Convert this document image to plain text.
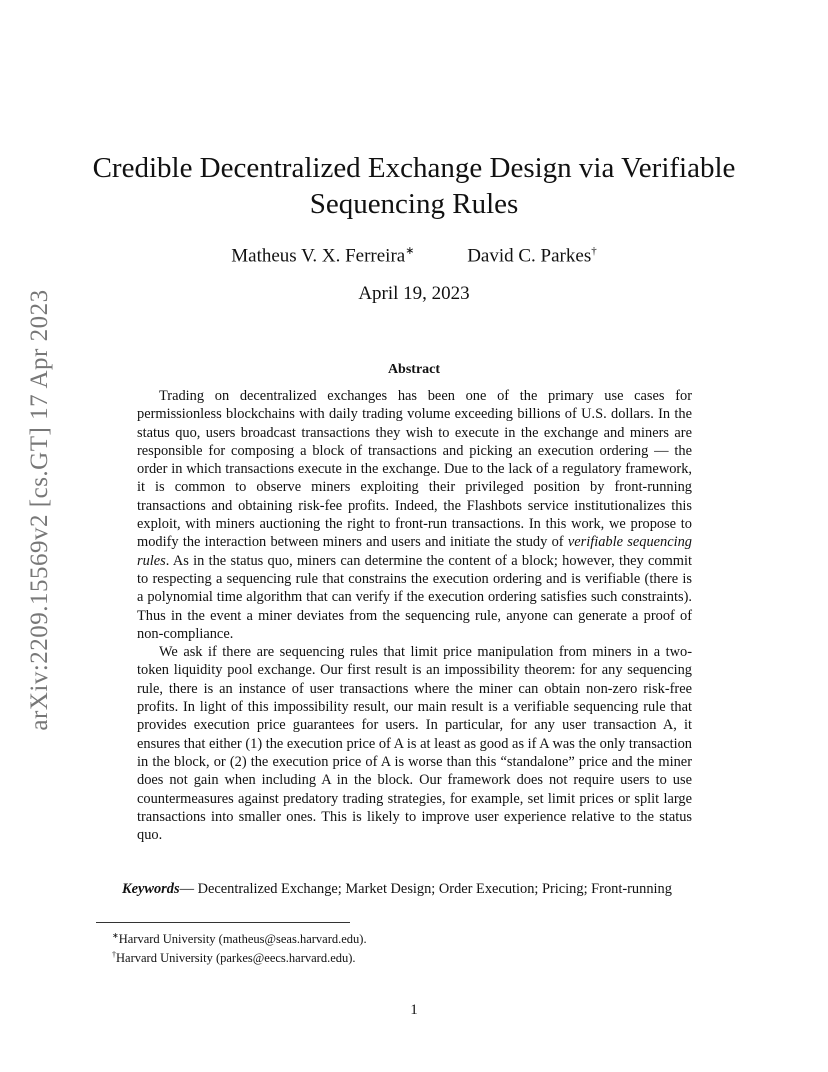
arXiv:2209.15569v2 [cs.GT] 17 Apr 2023
Credible Decentralized Exchange Design via Verifiable Sequencing Rules
Matheus V. X. Ferreira∗	David C. Parkes†
April 19, 2023
Abstract

Trading on decentralized exchanges has been one of the primary use cases for permissionless blockchains with daily trading volume exceeding billions of U.S. dollars. In the status quo, users broadcast transactions they wish to execute in the exchange and miners are responsible for composing a block of transactions and picking an execution ordering — the order in which transactions execute in the exchange. Due to the lack of a regulatory framework, it is common to observe miners exploiting their privileged position by front-running transactions and obtaining risk-fee profits. Indeed, the Flashbots service institutionalizes this exploit, with miners auctioning the right to front-run transactions. In this work, we propose to modify the interaction between miners and users and initiate the study of verifiable sequencing rules. As in the status quo, miners can determine the content of a block; however, they commit to respecting a sequencing rule that constrains the execution ordering and is verifiable (there is a polynomial time algorithm that can verify if the execution ordering satisfies such constraints). Thus in the event a miner deviates from the sequencing rule, anyone can generate a proof of non-compliance.

We ask if there are sequencing rules that limit price manipulation from miners in a two-token liquidity pool exchange. Our first result is an impossibility theorem: for any sequencing rule, there is an instance of user transactions where the miner can obtain non-zero risk-free profits. In light of this impossibility result, our main result is a verifiable sequencing rule that provides execution price guarantees for users. In particular, for any user transaction A, it ensures that either (1) the execution price of A is at least as good as if A was the only transaction in the block, or (2) the execution price of A is worse than this “standalone” price and the miner does not gain when including A in the block. Our framework does not require users to use countermeasures against predatory trading strategies, for example, set limit prices or split large transactions into smaller ones. This is likely to improve user experience relative to the status quo.

Keywords— Decentralized Exchange; Market Design; Order Execution; Pricing; Front-running
∗Harvard University (matheus@seas.harvard.edu).
†Harvard University (parkes@eecs.harvard.edu).
1
